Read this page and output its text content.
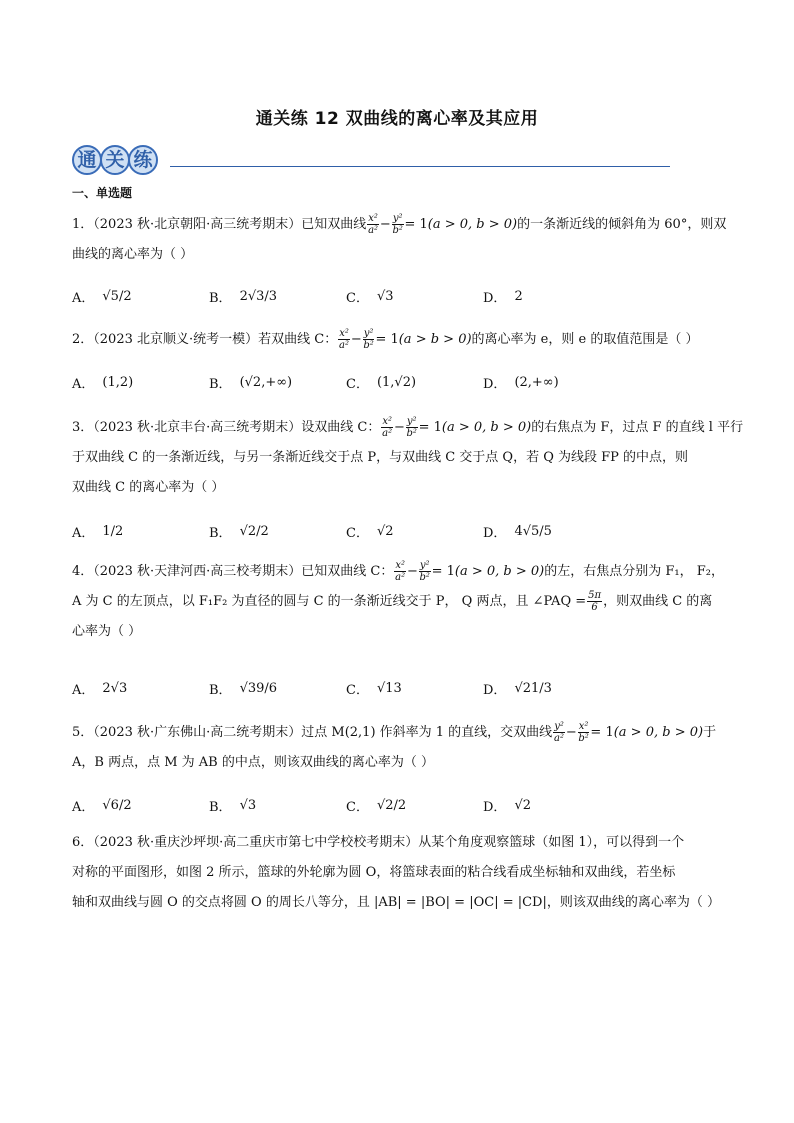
通关练 12 双曲线的离心率及其应用
通 关 练
一、单选题
1．（2023 秋·北京朝阳·高三统考期末）已知双曲线 $\frac{\text{x²}}{\text{a²}} - \frac{\text{y²}}{\text{b²}} = 1(a > 0$, b > 0)的一条渐近线的倾斜角为 60°，则双
曲线的离心率为（ ）
A． √5/2	B． 2√3/3	C． √3	D． 2
2．（2023 北京顺义·统考一模）若双曲线 C： $\frac{\text{x²}}{\text{a²}} - \frac{\text{y²}}{\text{b²}} = 1(a > b > 0)$的离心率为 e，则 e 的取值范围是（ ）
A． (1,2)	B． (√2,+∞)	C． (1,√2)	D． (2,+∞)
3．（2023 秋·北京丰台·高三统考期末）设双曲线 C： $\frac{\text{x²}}{\text{a²}} - \frac{\text{y²}}{\text{b²}} = 1(a > 0$, b > 0)的右焦点为 F，过点 F 的直线 l 平行
于双曲线 C 的一条渐近线，与另一条渐近线交于点 P，与双曲线 C 交于点 Q，若 Q 为线段 FP 的中点，则
双曲线 C 的离心率为（ ）
A． 1/2	B． √2/2	C． √2	D． 4√5/5
4．（2023 秋·天津河西·高三校考期末）已知双曲线 C： $\frac{\text{x²}}{\text{a²}} - \frac{\text{y²}}{\text{b²}} = 1(a > 0$, b > 0)的左，右焦点分别为 F₁， F₂，
A 为 C 的左顶点，以 F₁F₂ 为直径的圆与 C 的一条渐近线交于 P， Q 两点，且 ∠PAQ = $\frac{5\pi}{6}$ ，则双曲线 C 的离
心率为（ ）
A． 2√3	B． √39/6	C． √13	D． √21/3
5．（2023 秋·广东佛山·高二统考期末）过点 M(2,1) 作斜率为 1 的直线，交双曲线 $\frac{\text{y²}}{\text{a²}} - \frac{\text{x²}}{\text{b²}} = 1(a > 0$, b > 0)于
A，B 两点，点 M 为 AB 的中点，则该双曲线的离心率为（ ）
A． √6/2	B． √3	C． √2/2	D． √2
6．（2023 秋·重庆沙坪坝·高二重庆市第七中学校校考期末）从某个角度观察篮球（如图 1），可以得到一个
对称的平面图形，如图 2 所示，篮球的外轮廓为圆 O，将篮球表面的粘合线看成坐标轴和双曲线，若坐标
轴和双曲线与圆 O 的交点将圆 O 的周长八等分，且 |AB| = |BO| = |OC| = |CD|，则该双曲线的离心率为（ ）
